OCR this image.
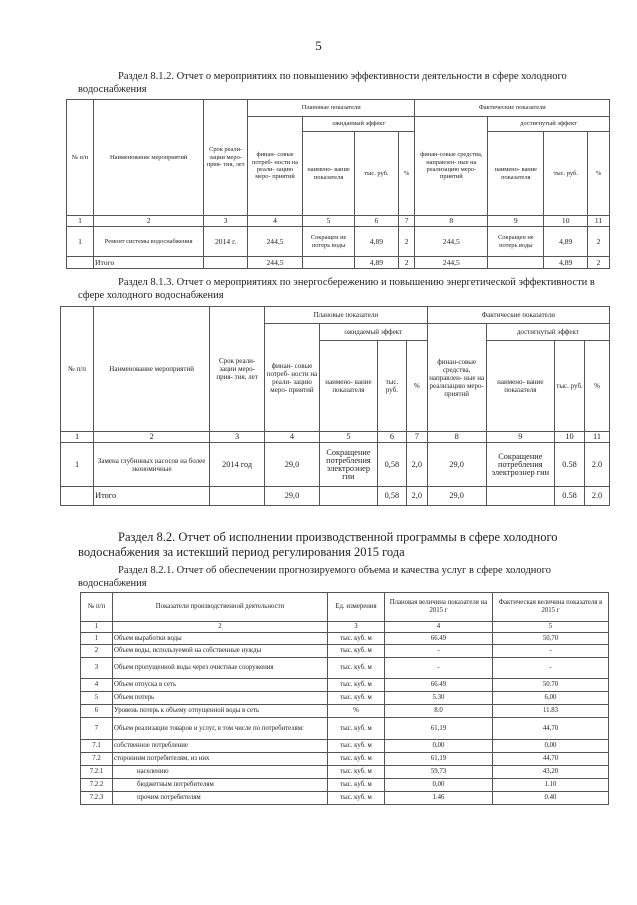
5
Раздел 8.1.2. Отчет о мероприятиях по повышению эффективности деятельности в сфере холодного водоснабжения
№ п/п	Наименование мероприятий	Срок реали- зации меро- прия- тия, лет	Плановые показатели				Фактические показатели			
			финан- совые потреб- ности на реали- зацию меро- приятий	ожидаемый эффект			финан-совые средства, направлен- ные на реализацию меро-приятий	достигнутый эффект		
				наимено- вание показателя	тыс. руб.	%		наимено- вание показателя	тыс. руб.	%
1	2	3	4	5	6	7	8	9	10	11
1	Ремонт системы водоснабжения	2014 г.	244,5	Сокращен не потерь воды	4,89	2	244,5	Сокращен не потерь воды	4,89	2
	Итого		244,5		4,89	2	244,5		4,89	2
Раздел 8.1.3. Отчет о мероприятиях по энергосбережению и повышению энергетической эффективности в сфере холодного водоснабжения
№ п/п	Наименование мероприятий	Срок реали- зации меро- прия- тия, лет	Плановые показатели				Фактические показатели			
			финан- совые потреб- ности на реали- зацию меро- приятий	ожидаемый эффект			финан-совые средства, направлен- ные на реализацию меро-приятий	достигнутый эффект		
				наимено- вание показателя	тыс. руб.	%		наимено- вание показателя	тыс. руб.	%
1	2	3	4	5	6	7	8	9	10	11
1	Замена глубинных насосов на более экономичные	2014 год	29,0	Сокращение потребления электроэнер гии	0,58	2,0	29,0	Сокращение потребления электроэнер гии	0.58	2.0
	Итого		29,0		0,58	2,0	29,0		0.58	2.0
Раздел 8.2. Отчет об исполнении производственной программы в сфере холодного водоснабжения за истекший период регулирования 2015 года
Раздел 8.2.1. Отчет об обеспечении прогнозируемого объема и качества услуг в сфере холодного водоснабжения
№ п/п	Показатели производственной деятельности	Ед. измерения	Плановая величина показателя на 2015 г	Фактическая величина показателя в 2015 г
1	2	3	4	5
1	Объем выработки воды	тыс. куб. м	66.49	50,70
2	Объем воды, используемой на собственные нужды	тыс. куб. м	-	-
3	Объем пропущенной воды через очистные сооружения	тыс. куб. м	-	-
4	Объем отпуска в сеть	тыс. куб. м	66.49	50.70
5	Объем потерь	тыс. куб. м	5.30	6,00
6	Уровень потерь к объему отпущенной воды в сеть	%	8.0	11.83
7	Объем реализации товаров и услуг, в том числе по потребителям:	тыс. куб. м	61,19	44,70
7.1	собственное потребление	тыс. куб. м	0,00	0,00
7.2	сторонним потребителям, из них	тыс. куб. м	61,19	44,70
7.2.1	населению	тыс. куб. м	59,73	43,20
7.2.2	бюджетным потребителям	тыс. куб. м	0,00	1.10
7.2.3	прочим потребителям	тыс. куб. м	1.46	0.40
